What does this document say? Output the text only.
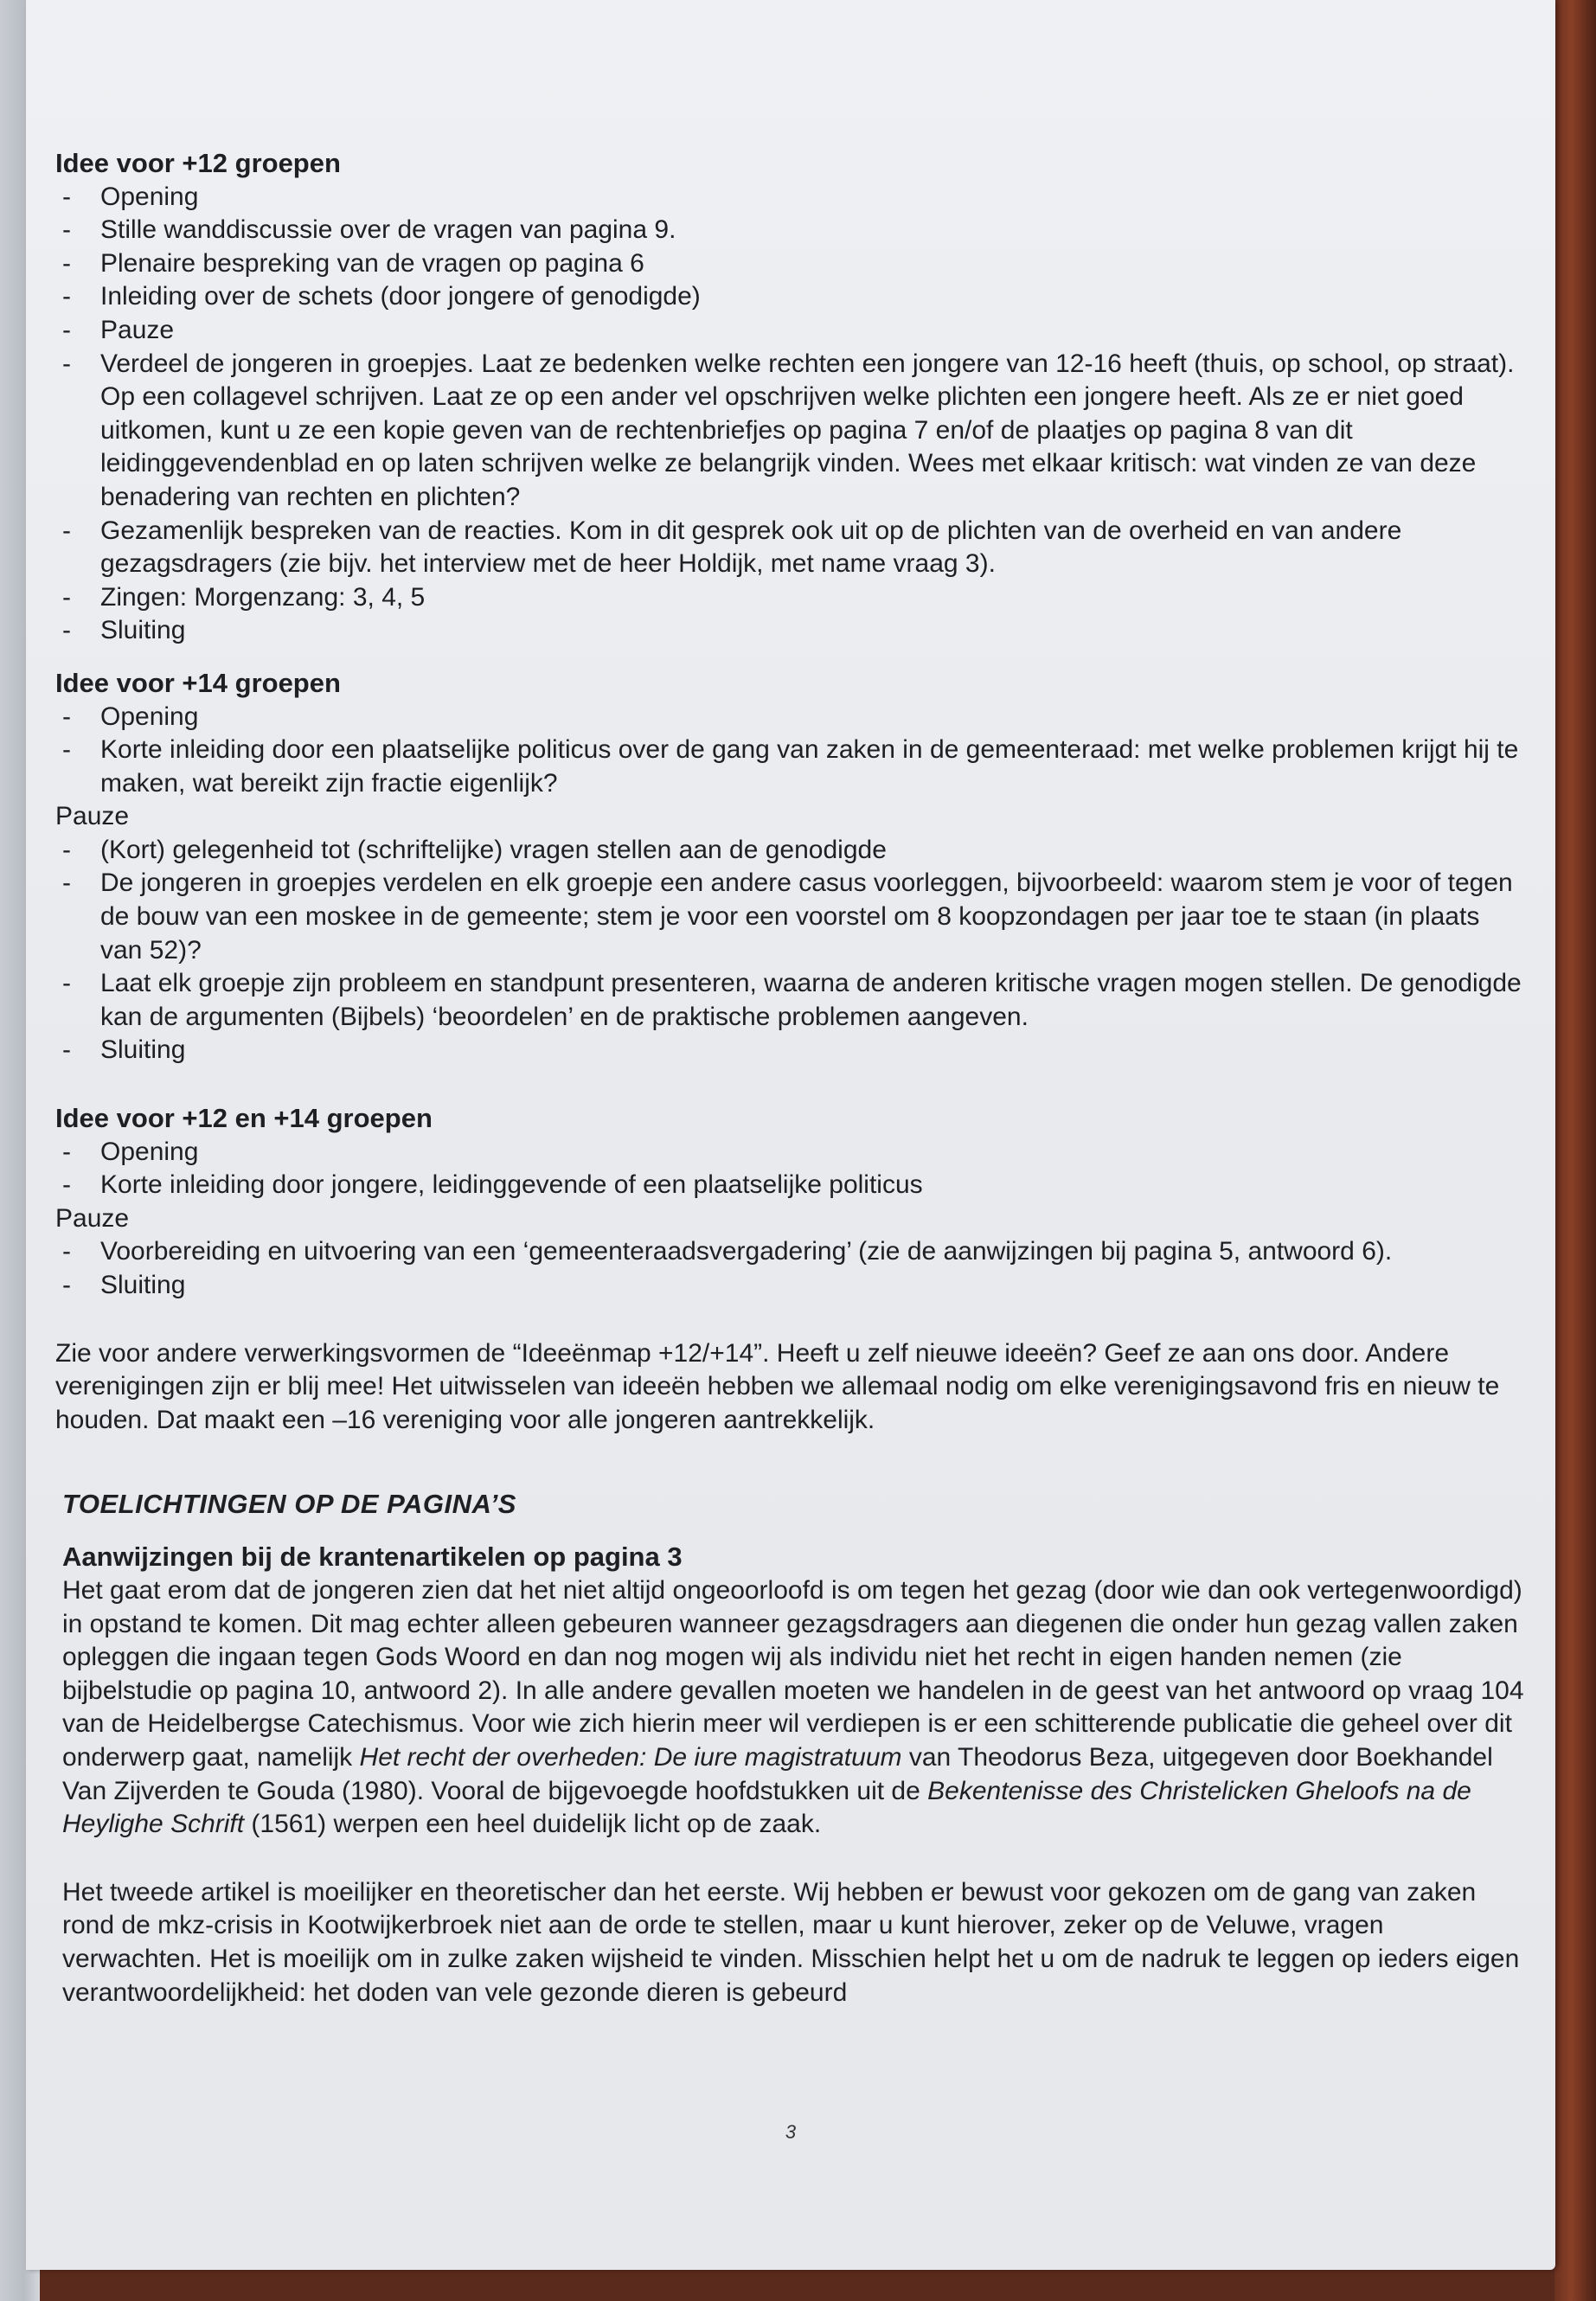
Idee voor +12 groepen
- Opening
- Stille wanddiscussie over de vragen van pagina 9.
- Plenaire bespreking van de vragen op pagina 6
- Inleiding over de schets (door jongere of genodigde)
- Pauze
- Verdeel de jongeren in groepjes. Laat ze bedenken welke rechten een jongere van 12-16 heeft (thuis, op school, op straat). Op een collagevel schrijven. Laat ze op een ander vel opschrijven welke plichten een jongere heeft. Als ze er niet goed uitkomen, kunt u ze een kopie geven van de rechtenbriefjes op pagina 7 en/of de plaatjes op pagina 8 van dit leidinggevendenblad en op laten schrijven welke ze belangrijk vinden. Wees met elkaar kritisch: wat vinden ze van deze benadering van rechten en plichten?
- Gezamenlijk bespreken van de reacties. Kom in dit gesprek ook uit op de plichten van de overheid en van andere gezagsdragers (zie bijv. het interview met de heer Holdijk, met name vraag 3).
- Zingen: Morgenzang: 3, 4, 5
- Sluiting
Idee voor +14 groepen
- Opening
- Korte inleiding door een plaatselijke politicus over de gang van zaken in de gemeenteraad: met welke problemen krijgt hij te maken, wat bereikt zijn fractie eigenlijk?
Pauze
- (Kort) gelegenheid tot (schriftelijke) vragen stellen aan de genodigde
- De jongeren in groepjes verdelen en elk groepje een andere casus voorleggen, bijvoorbeeld: waarom stem je voor of tegen de bouw van een moskee in de gemeente; stem je voor een voorstel om 8 koopzondagen per jaar toe te staan (in plaats van 52)?
- Laat elk groepje zijn probleem en standpunt presenteren, waarna de anderen kritische vragen mogen stellen. De genodigde kan de argumenten (Bijbels) ‘beoordelen’ en de praktische problemen aangeven.
- Sluiting
Idee voor +12 en +14 groepen
- Opening
- Korte inleiding door jongere, leidinggevende of een plaatselijke politicus
Pauze
- Voorbereiding en uitvoering van een ‘gemeenteraadsvergadering’ (zie de aanwijzingen bij pagina 5, antwoord 6).
- Sluiting

Zie voor andere verwerkingsvormen de “Ideeënmap +12/+14”. Heeft u zelf nieuwe ideeën? Geef ze aan ons door. Andere verenigingen zijn er blij mee! Het uitwisselen van ideeën hebben we allemaal nodig om elke verenigingsavond fris en nieuw te houden. Dat maakt een –16 vereniging voor alle jongeren aantrekkelijk.

TOELICHTINGEN OP DE PAGINA’S
Aanwijzingen bij de krantenartikelen op pagina 3

Het gaat erom dat de jongeren zien dat het niet altijd ongeoorloofd is om tegen het gezag (door wie dan ook vertegenwoordigd) in opstand te komen. Dit mag echter alleen gebeuren wanneer gezagsdragers aan diegenen die onder hun gezag vallen zaken opleggen die ingaan tegen Gods Woord en dan nog mogen wij als individu niet het recht in eigen handen nemen (zie bijbelstudie op pagina 10, antwoord 2). In alle andere gevallen moeten we handelen in de geest van het antwoord op vraag 104 van de Heidelbergse Catechismus. Voor wie zich hierin meer wil verdiepen is er een schitterende publicatie die geheel over dit onderwerp gaat, namelijk Het recht der overheden: De iure magistratuum van Theodorus Beza, uitgegeven door Boekhandel Van Zijverden te Gouda (1980). Vooral de bijgevoegde hoofdstukken uit de Bekentenisse des Christelicken Gheloofs na de Heylighe Schrift (1561) werpen een heel duidelijk licht op de zaak.

Het tweede artikel is moeilijker en theoretischer dan het eerste. Wij hebben er bewust voor gekozen om de gang van zaken rond de mkz-crisis in Kootwijkerbroek niet aan de orde te stellen, maar u kunt hierover, zeker op de Veluwe, vragen verwachten. Het is moeilijk om in zulke zaken wijsheid te vinden. Misschien helpt het u om de nadruk te leggen op ieders eigen verantwoordelijkheid: het doden van vele gezonde dieren is gebeurd

3
